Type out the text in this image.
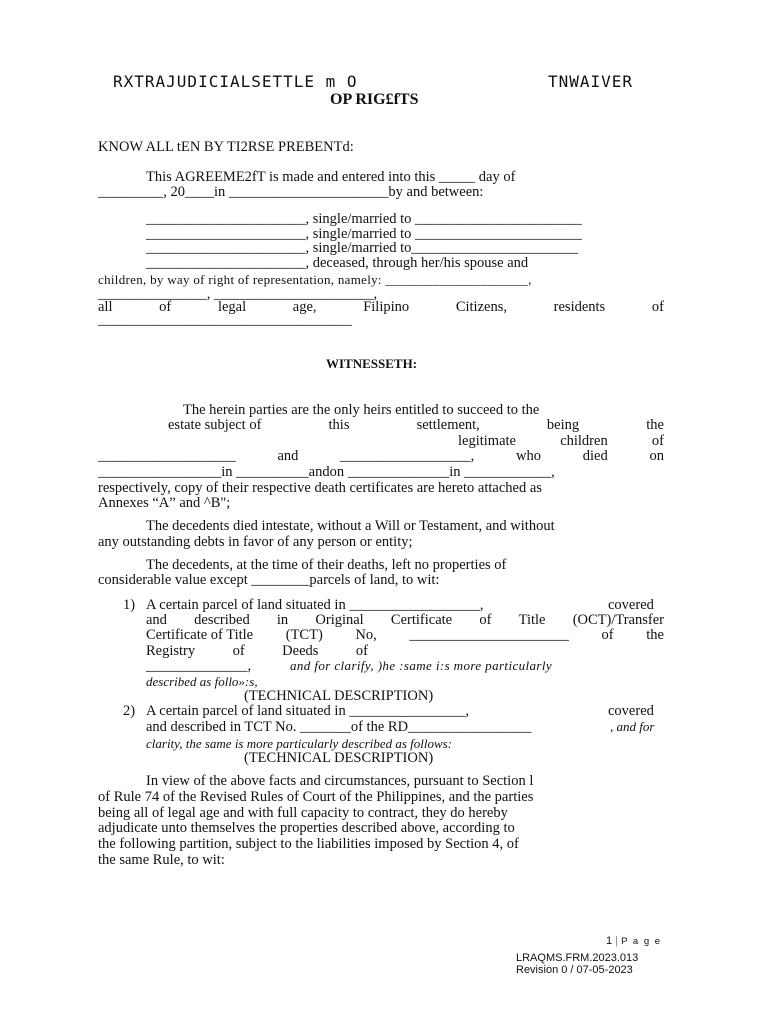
RXTRAJUDICIALSETTLE m O	TNWAIVER
OP RIG£fTS
KNOW ALL tEN BY TI2RSE PREBENTd:
This AGREEME2fT is made and entered into this _____ day of
_________, 20____in ______________________by and between:
______________________, single/married to _______________________
______________________, single/married to _______________________
______________________, single/married to_______________________
______________________, deceased, through her/his spouse and
children, by way of right of representation, namely: _____________________,
_______________, ______________________,
all	of	legal	age,	Filipino	Citizens,	residents	of
___________________________________
WITNESSETH:
The herein parties are the only heirs entitled to succeed to the
estate subject of	this	settlement,	being	the
legitimate	children	of
___________________	and	__________________,	who	died	on
_________________in __________andon ______________in ____________,
respectively, copy of their respective death certificates are hereto attached as
Annexes “A” and ^B";
The decedents died intestate, without a Will or Testament, and without
any outstanding debts in favor of any person or entity;
The decedents, at the time of their deaths, left no properties of
considerable value except ________parcels of land, to wit:
1) A certain parcel of land situated in __________________,	covered
and described in Original Certificate of Title (OCT)/Transfer
Certificate of Title (TCT) No, ______________________ of the
Registry	of	Deeds	of
______________,	and for clarify, )he :same i:s more particularly
described as follo»:s,
(TECHNICAL DESCRIPTION)
2) A certain parcel of land situated in ________________,	covered
and described in TCT No. _______of the RD_________________	, and for
clarity, the same is more particularly described as follows:
(TECHNICAL DESCRIPTION)
In view of the above facts and circumstances, pursuant to Section l
of Rule 74 of the Revised Rules of Court of the Philippines, and the parties
being all of legal age and with full capacity to contract, they do hereby
adjudicate unto themselves the properties described above, according to
the following partition, subject to the liabilities imposed by Section 4, of
the same Rule, to wit:
1 | P a g e
LRAQMS.FRM.2023.013
Revision 0 / 07-05-2023
